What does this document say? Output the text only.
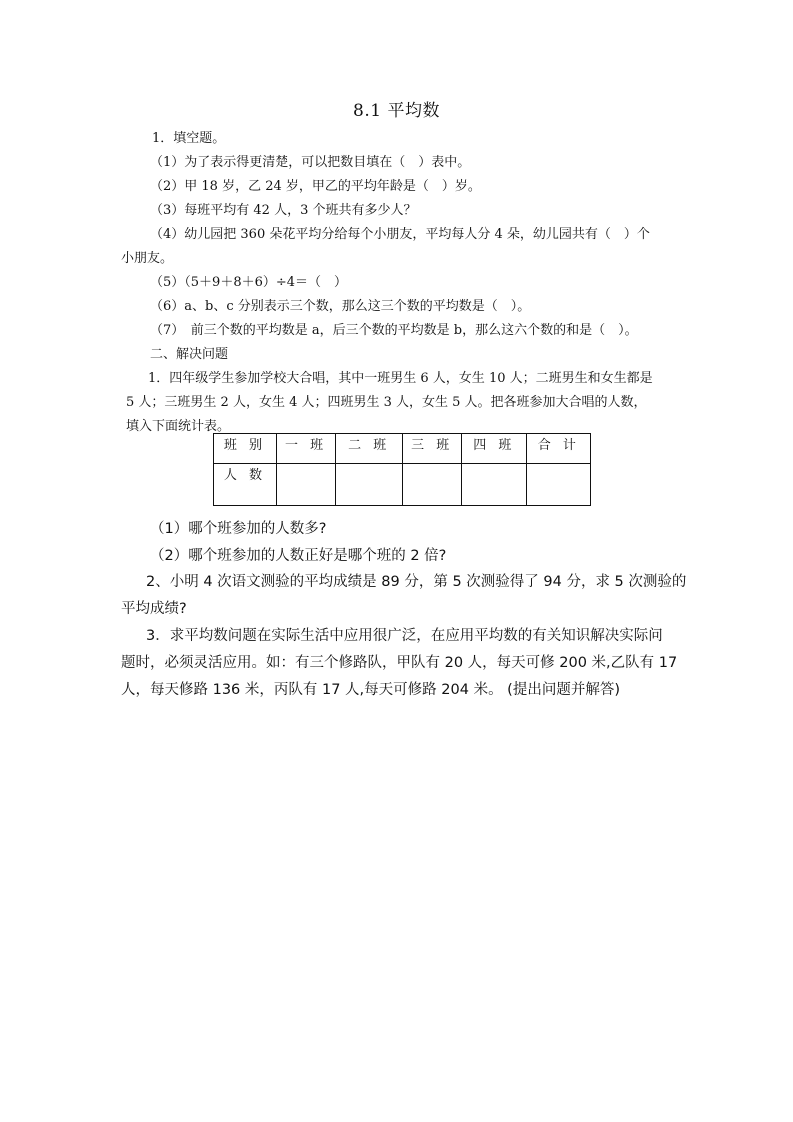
8.1 平均数
1．填空题。
（1）为了表示得更清楚，可以把数目填在（　）表中。
（2）甲 18 岁，乙 24 岁，甲乙的平均年龄是（　）岁。
（3）每班平均有 42 人，3 个班共有多少人？
（4）幼儿园把 360 朵花平均分给每个小朋友，平均每人分 4 朵，幼儿园共有（　）个
小朋友。
（5）（5＋9＋8＋6）÷4＝（　）
（6）a、b、c 分别表示三个数，那么这三个数的平均数是（　）。
（7）　前三个数的平均数是 a，后三个数的平均数是 b，那么这六个数的和是（　）。
二、解决问题
1．四年级学生参加学校大合唱，其中一班男生 6 人，女生 10 人；二班男生和女生都是
5 人；三班男生 2 人，女生 4 人；四班男生 3 人，女生 5 人。把各班参加大合唱的人数，
填入下面统计表。
班 别	一 班	二 班	三 班	四 班	合 计
人 数					
（1）哪个班参加的人数多?
（2）哪个班参加的人数正好是哪个班的 2 倍?
2、小明 4 次语文测验的平均成绩是 89 分，第 5 次测验得了 94 分，求 5 次测验的
平均成绩?
3．求平均数问题在实际生活中应用很广泛，在应用平均数的有关知识解决实际问
题时，必须灵活应用。如：有三个修路队，甲队有 20 人，每天可修 200 米,乙队有 17
人，每天修路 136 米，丙队有 17 人,每天可修路 204 米。 (提出问题并解答)
